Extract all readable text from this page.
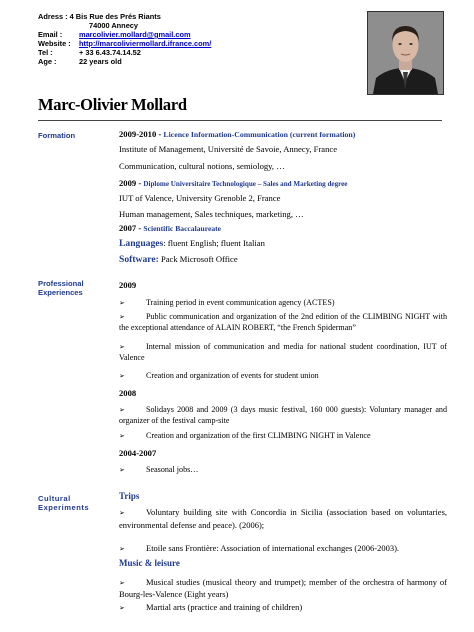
Adress :
4 Bis Rue des Prés Riants
74000 Annecy
Email :	marcolivier.mollard@gmail.com
Website : http://marcoliviermollard.ifrance.com/
Tel :	+ 33 6.43.74.14.52
Age :	22 years old
Marc-Olivier Mollard
Formation	2009-2010 - Licence Information-Communication (current formation)
Institute of Management, Université de Savoie, Annecy, France
Communication, cultural notions, semiology, …
2009 - Diplome Universitaire Technologique – Sales and Marketing degree
IUT of Valence, University Grenoble 2, France
Human management, Sales techniques, marketing, …
2007 - Scientific Baccalaureate
Languages: fluent English; fluent Italian
Software: Pack Microsoft Office
Professional
Experiences
2009
➢	Training period in event communication agency (ACTES)
➢	Public communication and organization of the 2nd edition of the CLIMBING NIGHT with the exceptional attendance of ALAIN ROBERT, “the French Spiderman”
➢	Internal mission of communication and media for national student coordination, IUT of Valence
➢	Creation and organization of events for student union
2008
➢	Solidays 2008 and 2009 (3 days music festival, 160 000 guests): Voluntary manager and organizer of the festival camp-site
➢	Creation and organization of the first CLIMBING NIGHT in Valence
2004-2007
➢	Seasonal jobs…
Cultural
Experiments
Trips
➢ Voluntary building site with Concordia in Sicilia (association based on voluntaries, environmental defense and peace). (2006);
➢ Etoile sans Frontière: Association of international exchanges (2006-2003).
Music & leisure
➢ Musical studies (musical theory and trumpet); member of the orchestra of harmony of Bourg-les-Valence (Eight years)
➢ Martial arts (practice and training of children)
